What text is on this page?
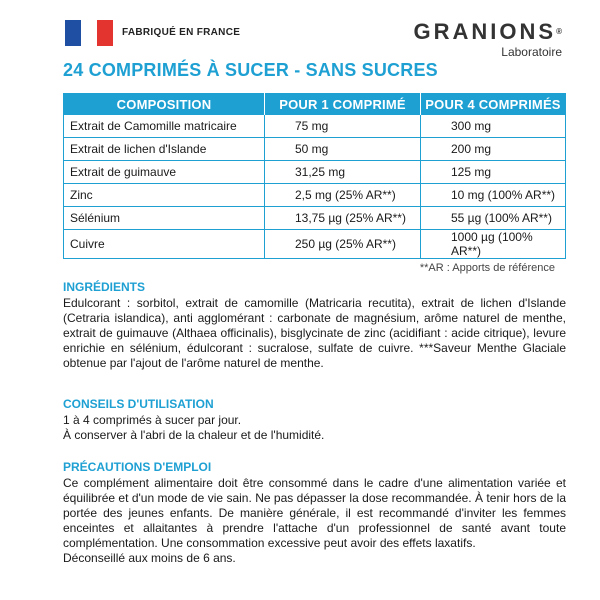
FABRIQUÉ EN FRANCE	GRANIONS®
Laboratoire
24 COMPRIMÉS À SUCER - SANS SUCRES
COMPOSITION	POUR 1 COMPRIMÉ	POUR 4 COMPRIMÉS
Extrait de Camomille matricaire	75 mg	300 mg
Extrait de lichen d'Islande	50 mg	200 mg
Extrait de guimauve	31,25 mg	125 mg
Zinc	2,5 mg (25% AR**)	10 mg (100% AR**)
Sélénium	13,75 µg (25% AR**)	55 µg (100% AR**)
Cuivre	250 µg (25% AR**)	1000 µg (100% AR**)
**AR : Apports de référence
INGRÉDIENTS
Edulcorant : sorbitol, extrait de camomille (Matricaria recutita), extrait de lichen d'Islande (Cetraria islandica), anti agglomérant : carbonate de magnésium, arôme naturel de menthe, extrait de guimauve (Althaea officinalis), bisglycinate de zinc (acidifiant : acide citrique), levure enrichie en sélénium, édulcorant : sucralose, sulfate de cuivre. ***Saveur Menthe Glaciale obtenue par l'ajout de l'arôme naturel de menthe.
CONSEILS D'UTILISATION

1 à 4 comprimés à sucer par jour.

À conserver à l'abri de la chaleur et de l'humidité.

PRÉCAUTIONS D'EMPLOI

Ce complément alimentaire doit être consommé dans le cadre d'une alimentation variée et équilibrée et d'un mode de vie sain. Ne pas dépasser la dose recommandée. À tenir hors de la portée des jeunes enfants. De manière générale, il est recommandé d'inviter les femmes enceintes et allaitantes à prendre l'attache d'un professionnel de santé avant toute complémentation. Une consommation excessive peut avoir des effets laxatifs.

Déconseillé aux moins de 6 ans.
